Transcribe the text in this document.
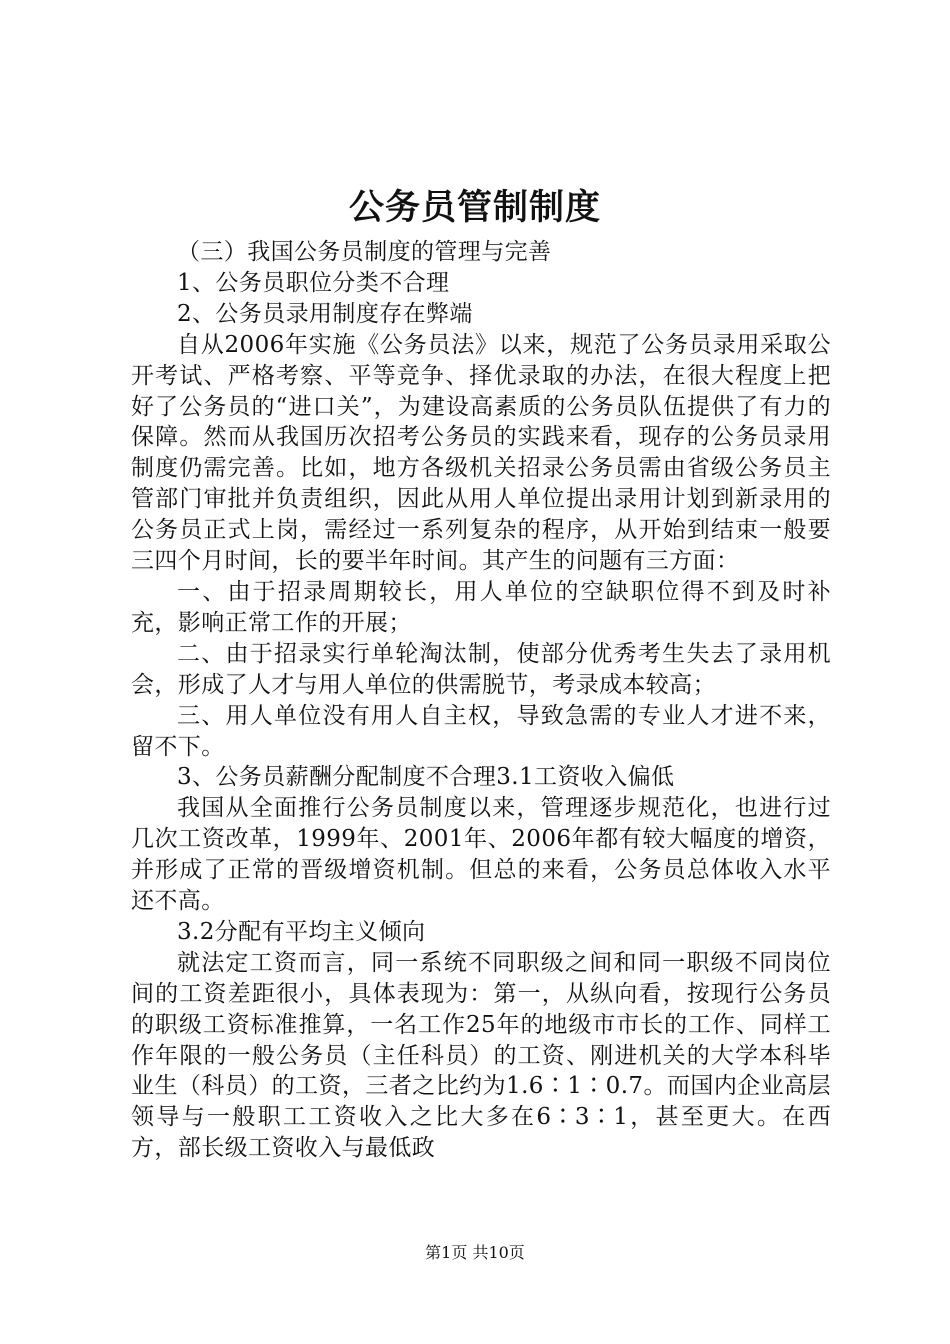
公务员管制制度

（三）我国公务员制度的管理与完善

1、公务员职位分类不合理

2、公务员录用制度存在弊端

自从2006年实施《公务员法》以来，规范了公务员录用采取公开考试、严格考察、平等竞争、择优录取的办法，在很大程度上把好了公务员的“进口关”，为建设高素质的公务员队伍提供了有力的保障。然而从我国历次招考公务员的实践来看，现存的公务员录用制度仍需完善。比如，地方各级机关招录公务员需由省级公务员主管部门审批并负责组织，因此从用人单位提出录用计划到新录用的公务员正式上岗，需经过一系列复杂的程序，从开始到结束一般要三四个月时间，长的要半年时间。其产生的问题有三方面：

一、由于招录周期较长，用人单位的空缺职位得不到及时补充，影响正常工作的开展；

二、由于招录实行单轮淘汰制，使部分优秀考生失去了录用机会，形成了人才与用人单位的供需脱节，考录成本较高；

三、用人单位没有用人自主权，导致急需的专业人才进不来，留不下。

3、公务员薪酬分配制度不合理3.1工资收入偏低

我国从全面推行公务员制度以来，管理逐步规范化，也进行过几次工资改革，1999年、2001年、2006年都有较大幅度的增资，并形成了正常的晋级增资机制。但总的来看，公务员总体收入水平还不高。

3.2分配有平均主义倾向

就法定工资而言，同一系统不同职级之间和同一职级不同岗位间的工资差距很小，具体表现为：第一，从纵向看，按现行公务员的职级工资标准推算，一名工作25年的地级市市长的工作、同样工作年限的一般公务员（主任科员）的工资、刚进机关的大学本科毕业生（科员）的工资，三者之比约为1.6∶1∶0.7。而国内企业高层领导与一般职工工资收入之比大多在6∶3∶1，甚至更大。在西方，部长级工资收入与最低政

第1页 共10页
